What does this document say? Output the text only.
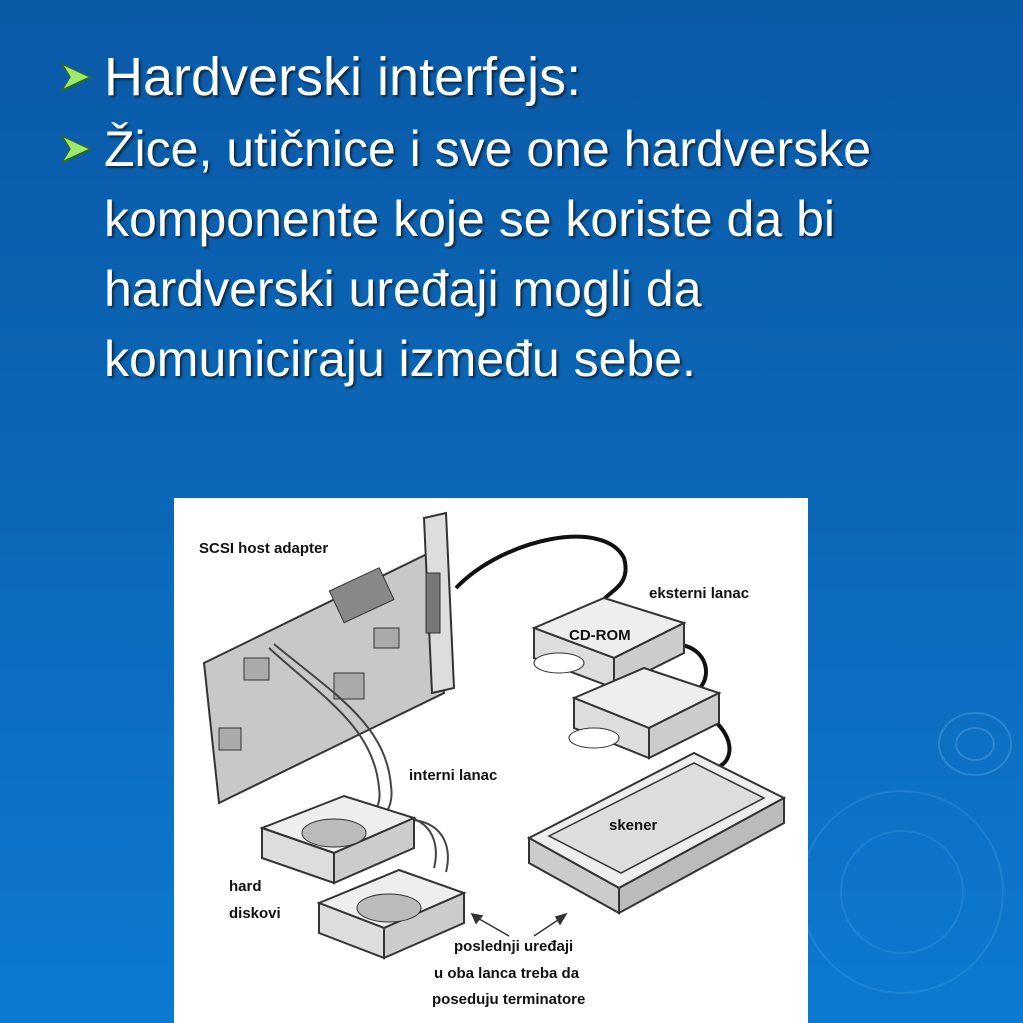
Hardverski interfejs:
Žice, utičnice i sve one hardverske komponente koje se koriste da bi hardverski uređaji mogli da komuniciraju između sebe.
SCSI host adapter
eksterni lanac
CD-ROM
interni lanac
skener
hard
diskovi
poslednji uređaji
u oba lanca treba da
poseduju terminatore
